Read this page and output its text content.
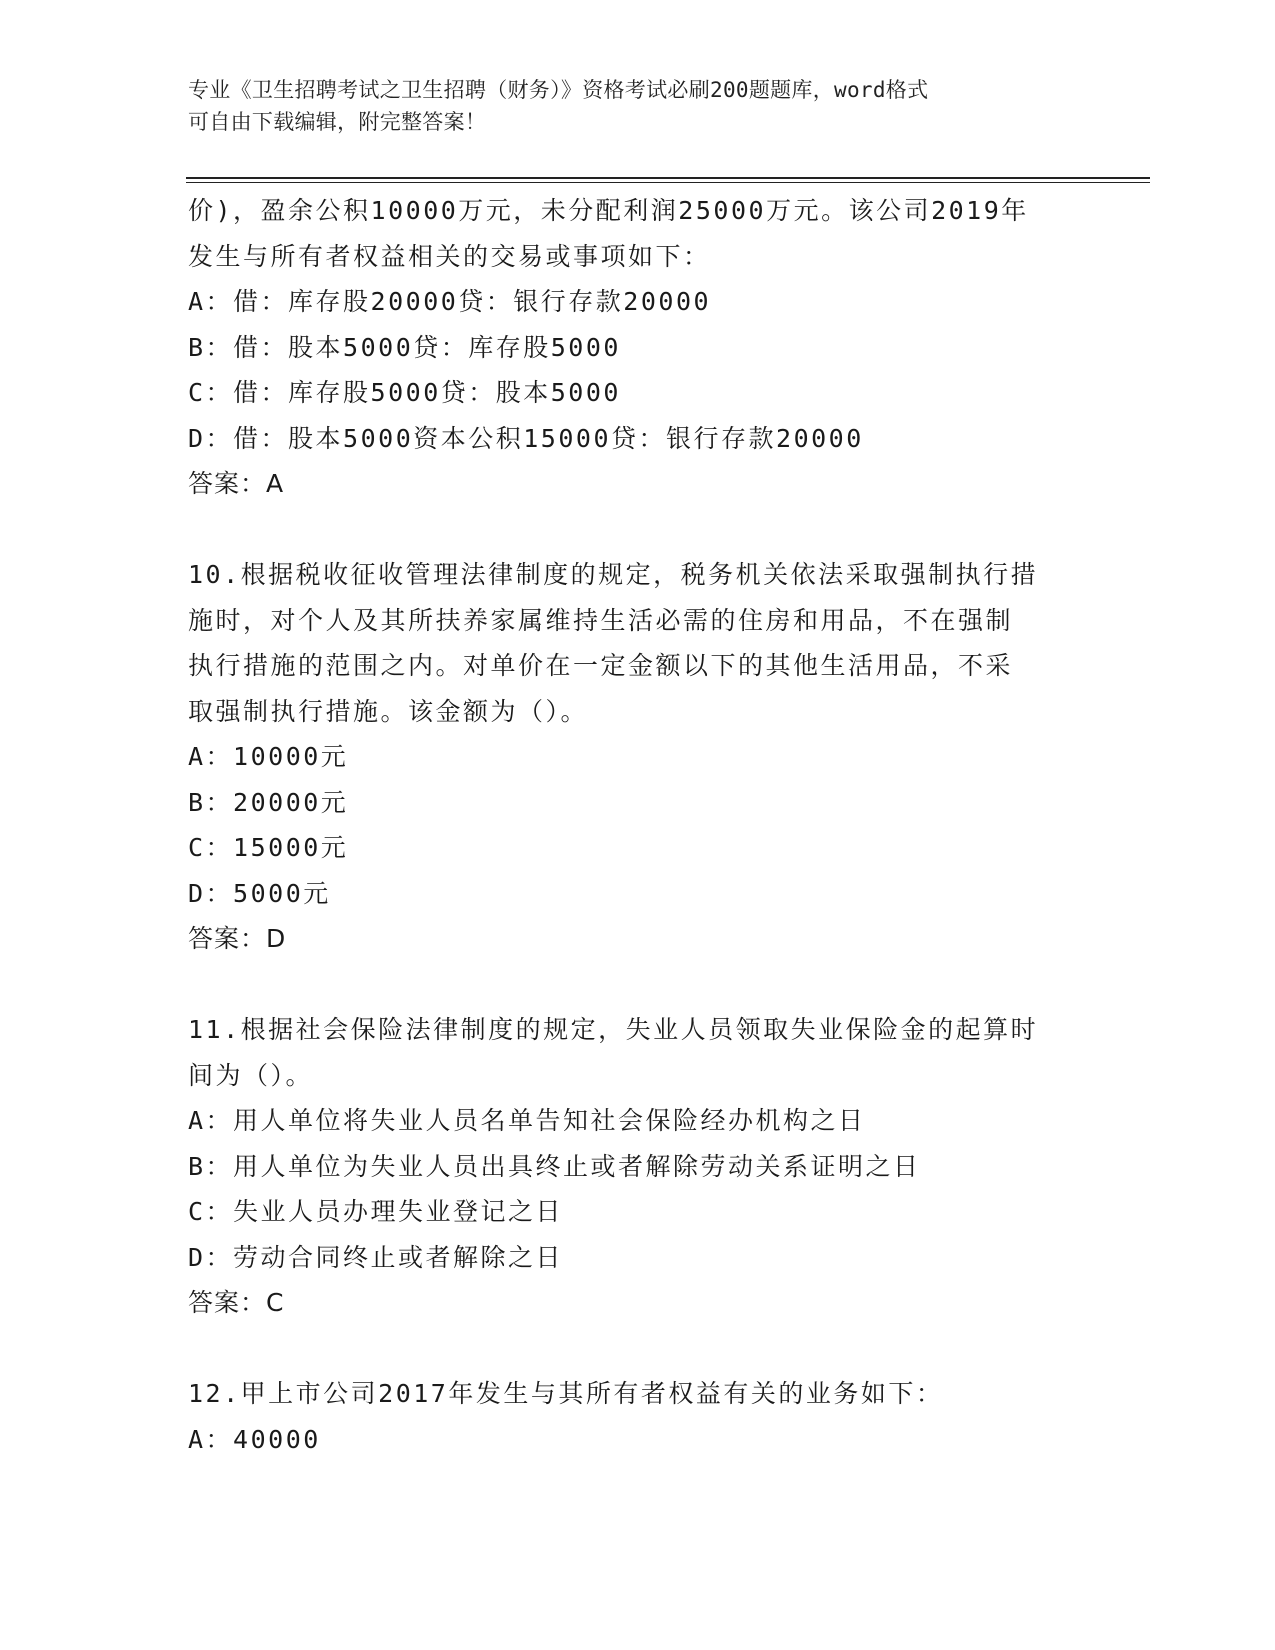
专业《卫生招聘考试之卫生招聘（财务）》资格考试必刷200题题库，word格式
可自由下载编辑，附完整答案！
价)，盈余公积10000万元，未分配利润25000万元。该公司2019年
发生与所有者权益相关的交易或事项如下：
A：借：库存股20000贷：银行存款20000
B：借：股本5000贷：库存股5000
C：借：库存股5000贷：股本5000
D：借：股本5000资本公积15000贷：银行存款20000
答案：A
10.根据税收征收管理法律制度的规定，税务机关依法采取强制执行措
施时，对个人及其所扶养家属维持生活必需的住房和用品，不在强制
执行措施的范围之内。对单价在一定金额以下的其他生活用品，不采
取强制执行措施。该金额为（）。
A：10000元
B：20000元
C：15000元
D：5000元
答案：D
11.根据社会保险法律制度的规定，失业人员领取失业保险金的起算时
间为（）。
A：用人单位将失业人员名单告知社会保险经办机构之日
B：用人单位为失业人员出具终止或者解除劳动关系证明之日
C：失业人员办理失业登记之日
D：劳动合同终止或者解除之日
答案：C
12.甲上市公司2017年发生与其所有者权益有关的业务如下：
A：40000
